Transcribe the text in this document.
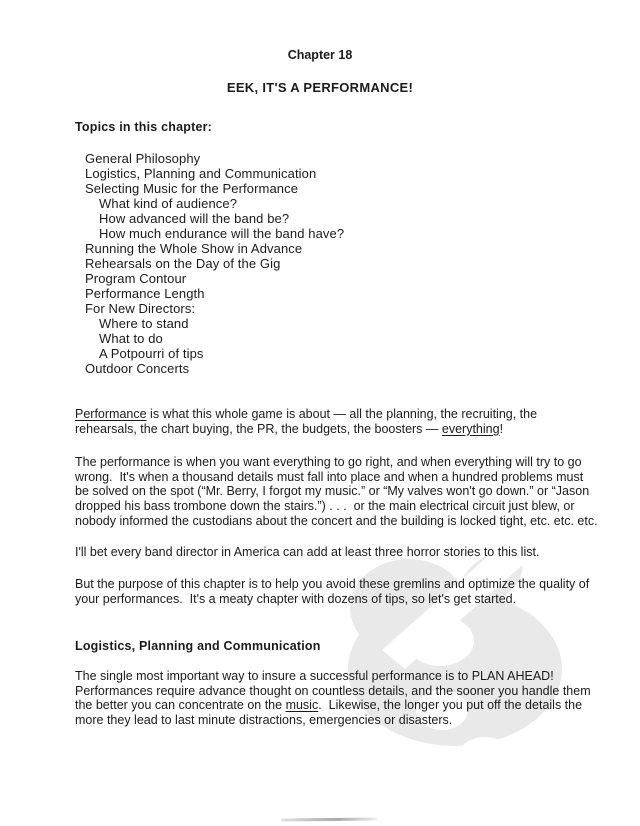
Chapter 18
EEK, IT'S A PERFORMANCE!
Topics in this chapter:
General Philosophy
Logistics, Planning and Communication
Selecting Music for the Performance
What kind of audience?
How advanced will the band be?
How much endurance will the band have?
Running the Whole Show in Advance
Rehearsals on the Day of the Gig
Program Contour
Performance Length
For New Directors:
Where to stand
What to do
A Potpourri of tips
Outdoor Concerts
Performance is what this whole game is about — all the planning, the recruiting, the
rehearsals, the chart buying, the PR, the budgets, the boosters — everything!
The performance is when you want everything to go right, and when everything will try to go
wrong.  It's when a thousand details must fall into place and when a hundred problems must
be solved on the spot (“Mr. Berry, I forgot my music.” or “My valves won't go down.” or “Jason
dropped his bass trombone down the stairs.”) . . .  or the main electrical circuit just blew, or
nobody informed the custodians about the concert and the building is locked tight, etc. etc. etc.
I'll bet every band director in America can add at least three horror stories to this list.
But the purpose of this chapter is to help you avoid these gremlins and optimize the quality of
your performances.  It's a meaty chapter with dozens of tips, so let's get started.
Logistics, Planning and Communication
The single most important way to insure a successful performance is to PLAN AHEAD!
Performances require advance thought on countless details, and the sooner you handle them
the better you can concentrate on the music.  Likewise, the longer you put off the details the
more they lead to last minute distractions, emergencies or disasters.
